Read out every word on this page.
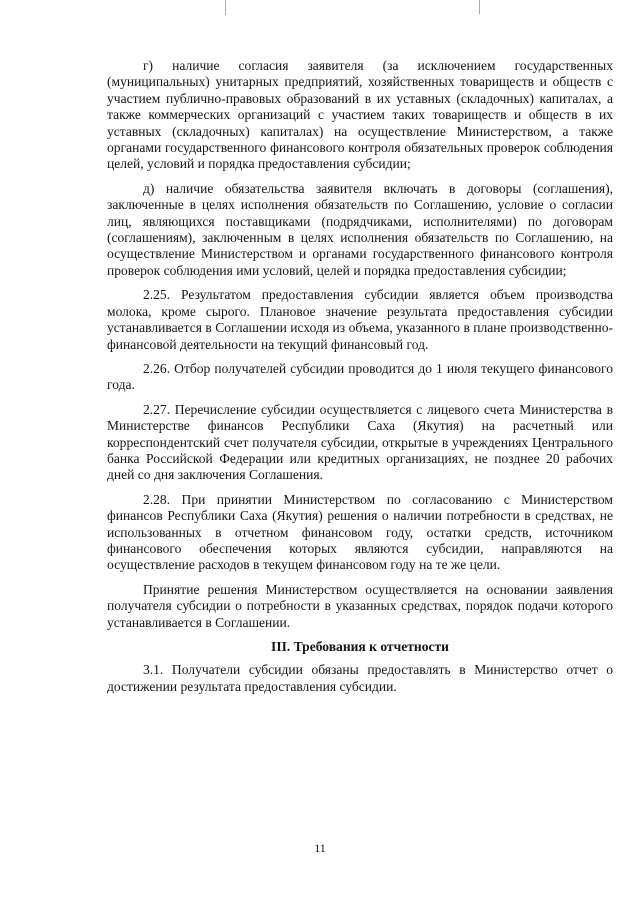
г) наличие согласия заявителя (за исключением государственных (муниципальных) унитарных предприятий, хозяйственных товариществ и обществ с участием публично-правовых образований в их уставных (складочных) капиталах, а также коммерческих организаций с участием таких товариществ и обществ в их уставных (складочных) капиталах) на осуществление Министерством, а также органами государственного финансового контроля обязательных проверок соблюдения целей, условий и порядка предоставления субсидии;

д) наличие обязательства заявителя включать в договоры (соглашения), заключенные в целях исполнения обязательств по Соглашению, условие о согласии лиц, являющихся поставщиками (подрядчиками, исполнителями) по договорам (соглашениям), заключенным в целях исполнения обязательств по Соглашению, на осуществление Министерством и органами государственного финансового контроля проверок соблюдения ими условий, целей и порядка предоставления субсидии;

2.25. Результатом предоставления субсидии является объем производства молока, кроме сырого. Плановое значение результата предоставления субсидии устанавливается в Соглашении исходя из объема, указанного в плане производственно-финансовой деятельности на текущий финансовый год.

2.26. Отбор получателей субсидии проводится до 1 июля текущего финансового года.

2.27. Перечисление субсидии осуществляется с лицевого счета Министерства в Министерстве финансов Республики Саха (Якутия) на расчетный или корреспондентский счет получателя субсидии, открытые в учреждениях Центрального банка Российской Федерации или кредитных организациях, не позднее 20 рабочих дней со дня заключения Соглашения.

2.28. При принятии Министерством по согласованию с Министерством финансов Республики Саха (Якутия) решения о наличии потребности в средствах, не использованных в отчетном финансовом году, остатки средств, источником финансового обеспечения которых являются субсидии, направляются на осуществление расходов в текущем финансовом году на те же цели.

Принятие решения Министерством осуществляется на основании заявления получателя субсидии о потребности в указанных средствах, порядок подачи которого устанавливается в Соглашении.

III. Требования к отчетности

3.1. Получатели субсидии обязаны предоставлять в Министерство отчет о достижении результата предоставления субсидии.

11
